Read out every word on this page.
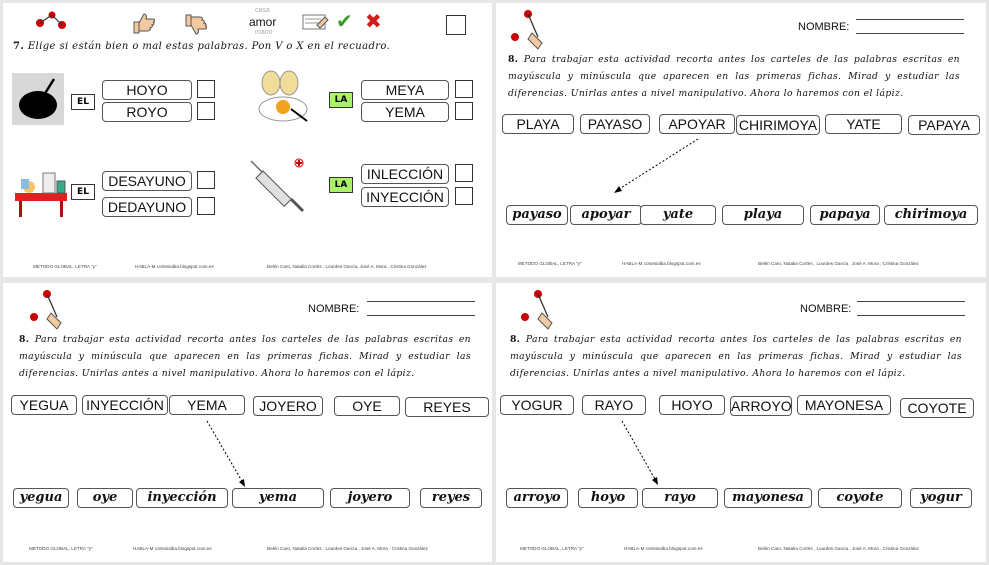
casa
amor
mano	✔ ✖
7. Elige si están bien o mal estas palabras. Pon V o X en el recuadro.
EL
HOYO
ROYO
LA
MEYA
YEMA
EL
DESAYUNO
DEDAYUNO
LA
INLECCIÓN
INYECCIÓN
METODO GLOBAL, LETRA "y"	HABLA-M cortesialba.blogspot.com.es	Belén Caro, Natalia Cortés , Lourdes García, José A. Mora , Cristina González
NOMBRE:
8. Para trabajar esta actividad recorta antes los carteles de las palabras escritas en mayúscula y minúscula que aparecen en las primeras fichas. Mirad y estudiar las diferencias. Unirlas antes a nivel manipulativo. Ahora lo haremos con el lápiz.
PLAYA	PAYASO	APOYAR CHIRIMOYA	YATE	PAPAYA
payaso	apoyar	yate	playa	papaya	chirimoya
METODO GLOBAL, LETRA "y"	HABLA-M cortesialba.blogspot.com.es	Belén Caro, Natalia Cortés , Lourdes García , José A. Mora , Cristina González
NOMBRE:
8. Para trabajar esta actividad recorta antes los carteles de las palabras escritas en mayúscula y minúscula que aparecen en las primeras fichas. Mirad y estudiar las diferencias. Unirlas antes a nivel manipulativo. Ahora lo haremos con el lápiz.
YEGUA	INYECCIÓN	YEMA	JOYERO	OYE	REYES
yegua	oye	inyección	yema	joyero	reyes
METODO GLOBAL, LETRA "y"	HABLA-M cortesialba.blogspot.com.es	Belén Caro, Natalia Cortés , Lourdes García , José A. Mora , Cristina González
NOMBRE:
8. Para trabajar esta actividad recorta antes los carteles de las palabras escritas en mayúscula y minúscula que aparecen en las primeras fichas. Mirad y estudiar las diferencias. Unirlas antes a nivel manipulativo. Ahora lo haremos con el lápiz.
YOGUR	RAYO	HOYO	ARROYO MAYONESA	COYOTE
arroyo	hoyo	rayo	mayonesa	coyote	yogur
METODO GLOBAL, LETRA "y"	HABLA-M cortesialba.blogspot.com.es	Belén Caro, Natalia Cortés , Lourdes García , José A. Mora , Cristina González
